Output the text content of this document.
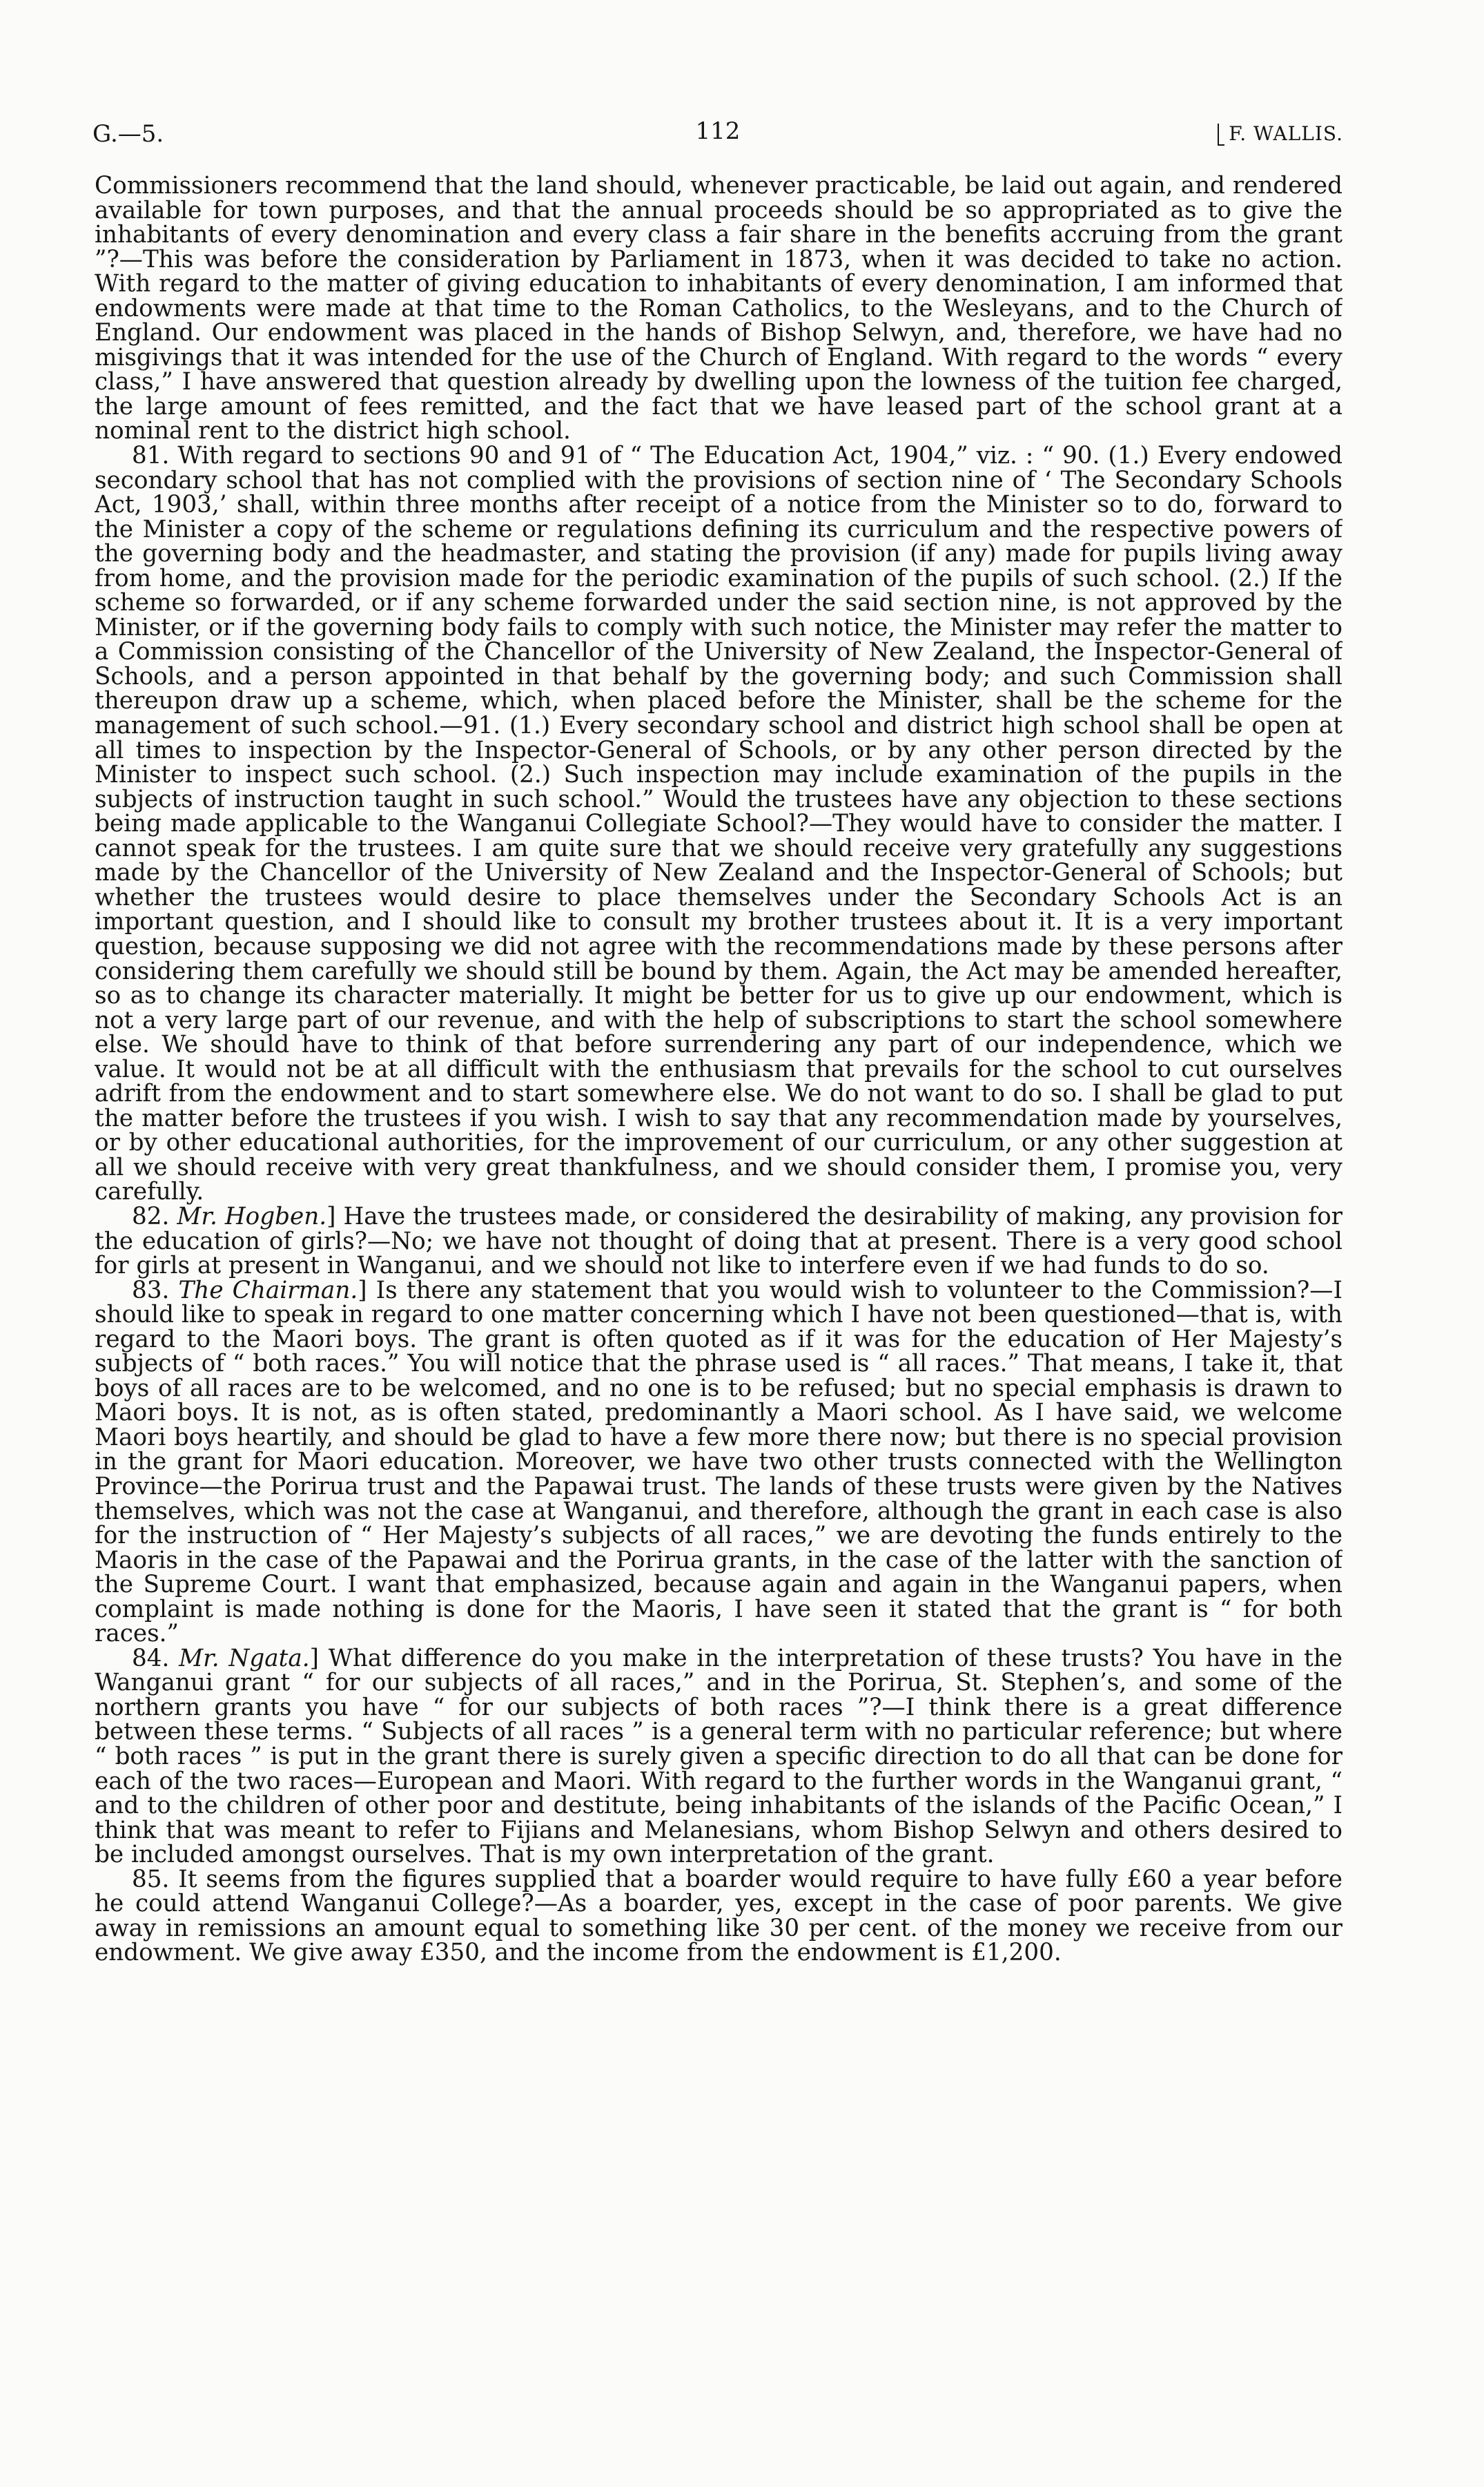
G.—5.	112	F. WALLIS.

Commissioners recommend that the land should, whenever practicable, be laid out again, and rendered available for town purposes, and that the annual proceeds should be so appropriated as to give the inhabitants of every denomination and every class a fair share in the benefits accruing from the grant ”?—This was before the consideration by Parliament in 1873, when it was decided to take no action. With regard to the matter of giving education to inhabitants of every denomination, I am informed that endowments were made at that time to the Roman Catholics, to the Wesleyans, and to the Church of England. Our endowment was placed in the hands of Bishop Selwyn, and, therefore, we have had no misgivings that it was intended for the use of the Church of England. With regard to the words “ every class,” I have answered that question already by dwelling upon the lowness of the tuition fee charged, the large amount of fees remitted, and the fact that we have leased part of the school grant at a nominal rent to the district high school.

81. With regard to sections 90 and 91 of “ The Education Act, 1904,” viz. : “ 90. (1.) Every endowed secondary school that has not complied with the provisions of section nine of ‘ The Secondary Schools Act, 1903,’ shall, within three months after receipt of a notice from the Minister so to do, forward to the Minister a copy of the scheme or regulations defining its curriculum and the respective powers of the governing body and the headmaster, and stating the provision (if any) made for pupils living away from home, and the provision made for the periodic examination of the pupils of such school. (2.) If the scheme so forwarded, or if any scheme forwarded under the said section nine, is not approved by the Minister, or if the governing body fails to comply with such notice, the Minister may refer the matter to a Commission consisting of the Chancellor of the University of New Zealand, the Inspector-General of Schools, and a person appointed in that behalf by the governing body; and such Commission shall thereupon draw up a scheme, which, when placed before the Minister, shall be the scheme for the management of such school.—91. (1.) Every secondary school and district high school shall be open at all times to inspection by the Inspector-General of Schools, or by any other person directed by the Minister to inspect such school. (2.) Such inspection may include examination of the pupils in the subjects of instruction taught in such school.” Would the trustees have any objection to these sections being made applicable to the Wanganui Collegiate School?—They would have to consider the matter. I cannot speak for the trustees. I am quite sure that we should receive very gratefully any suggestions made by the Chancellor of the University of New Zealand and the Inspector-General of Schools; but whether the trustees would desire to place themselves under the Secondary Schools Act is an important question, and I should like to consult my brother trustees about it. It is a very important question, because supposing we did not agree with the recommendations made by these persons after considering them carefully we should still be bound by them. Again, the Act may be amended hereafter, so as to change its character materially. It might be better for us to give up our endowment, which is not a very large part of our revenue, and with the help of subscriptions to start the school somewhere else. We should have to think of that before surrendering any part of our independence, which we value. It would not be at all difficult with the enthusiasm that prevails for the school to cut ourselves adrift from the endowment and to start somewhere else. We do not want to do so. I shall be glad to put the matter before the trustees if you wish. I wish to say that any recommendation made by yourselves, or by other educational authorities, for the improvement of our curriculum, or any other suggestion at all we should receive with very great thankfulness, and we should consider them, I promise you, very carefully.

82. Mr. Hogben.] Have the trustees made, or considered the desirability of making, any provision for the education of girls?—No; we have not thought of doing that at present. There is a very good school for girls at present in Wanganui, and we should not like to interfere even if we had funds to do so.

83. The Chairman.] Is there any statement that you would wish to volunteer to the Commission?—I should like to speak in regard to one matter concerning which I have not been questioned—that is, with regard to the Maori boys. The grant is often quoted as if it was for the education of Her Majesty’s subjects of “ both races.” You will notice that the phrase used is “ all races.” That means, I take it, that boys of all races are to be welcomed, and no one is to be refused; but no special emphasis is drawn to Maori boys. It is not, as is often stated, predominantly a Maori school. As I have said, we welcome Maori boys heartily, and should be glad to have a few more there now; but there is no special provision in the grant for Maori education. Moreover, we have two other trusts connected with the Wellington Province—the Porirua trust and the Papawai trust. The lands of these trusts were given by the Natives themselves, which was not the case at Wanganui, and therefore, although the grant in each case is also for the instruction of “ Her Majesty’s subjects of all races,” we are devoting the funds entirely to the Maoris in the case of the Papawai and the Porirua grants, in the case of the latter with the sanction of the Supreme Court. I want that emphasized, because again and again in the Wanganui papers, when complaint is made nothing is done for the Maoris, I have seen it stated that the grant is “ for both races.”

84. Mr. Ngata.] What difference do you make in the interpretation of these trusts? You have in the Wanganui grant “ for our subjects of all races,” and in the Porirua, St. Stephen’s, and some of the northern grants you have “ for our subjects of both races ”?—I think there is a great difference between these terms. “ Subjects of all races ” is a general term with no particular reference; but where “ both races ” is put in the grant there is surely given a specific direction to do all that can be done for each of the two races—European and Maori. With regard to the further words in the Wanganui grant, “ and to the children of other poor and destitute, being inhabitants of the islands of the Pacific Ocean,” I think that was meant to refer to Fijians and Melanesians, whom Bishop Selwyn and others desired to be included amongst ourselves. That is my own interpretation of the grant.

85. It seems from the figures supplied that a boarder would require to have fully £60 a year before he could attend Wanganui College?—As a boarder, yes, except in the case of poor parents. We give away in remissions an amount equal to something like 30 per cent. of the money we receive from our endowment. We give away £350, and the income from the endowment is £1,200.
